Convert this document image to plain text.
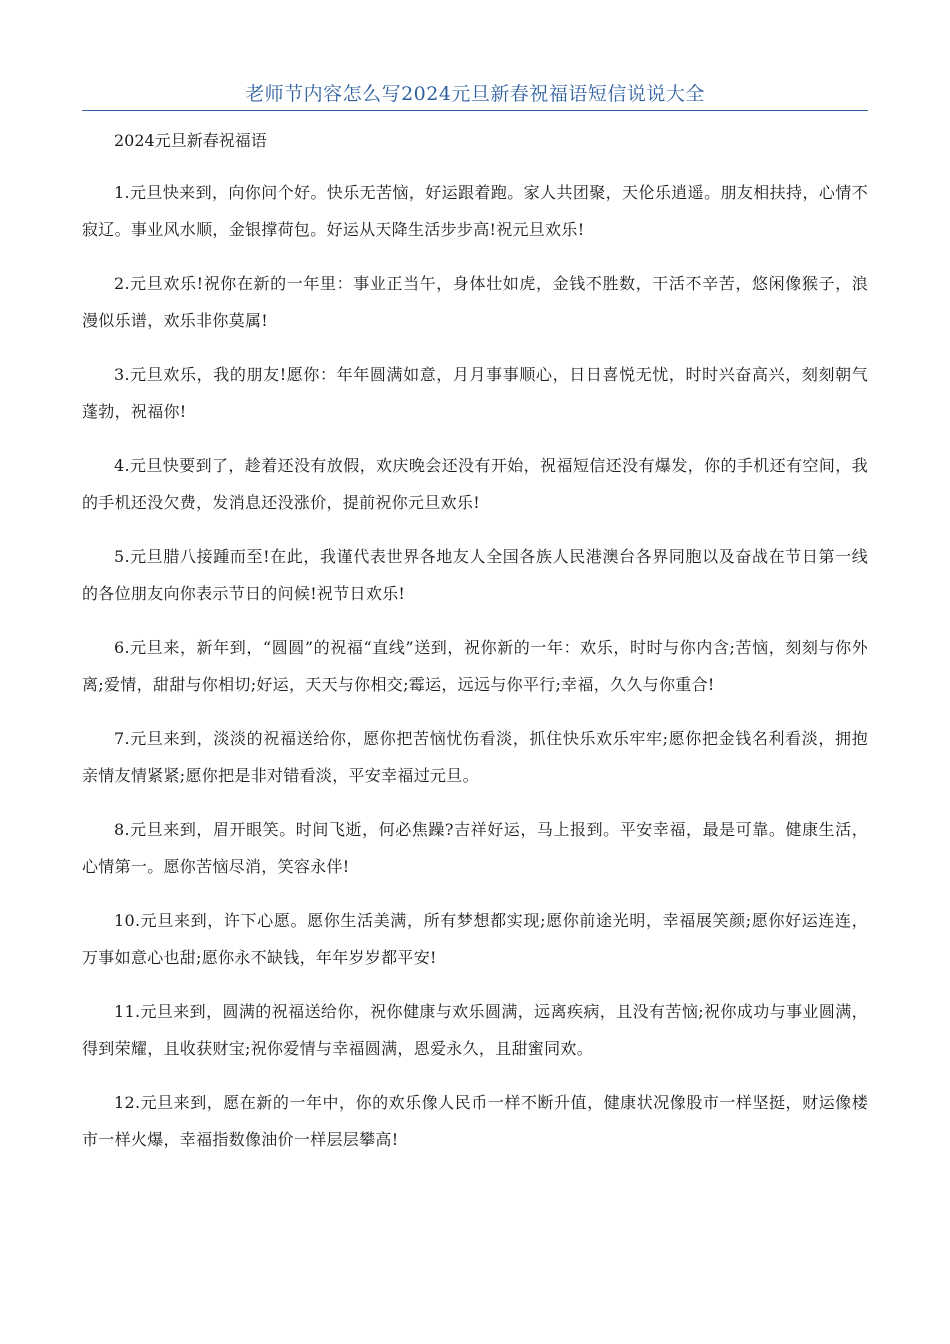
老师节内容怎么写2024元旦新春祝福语短信说说大全

2024元旦新春祝福语

1.元旦快来到，向你问个好。快乐无苦恼，好运跟着跑。家人共团聚，天伦乐逍遥。朋友相扶持，心情不寂辽。事业风水顺，金银撑荷包。好运从天降生活步步高!祝元旦欢乐!

2.元旦欢乐!祝你在新的一年里：事业正当午，身体壮如虎，金钱不胜数，干活不辛苦，悠闲像猴子，浪漫似乐谱，欢乐非你莫属!

3.元旦欢乐，我的朋友!愿你：年年圆满如意，月月事事顺心，日日喜悦无忧，时时兴奋高兴，刻刻朝气蓬勃，祝福你!

4.元旦快要到了，趁着还没有放假，欢庆晚会还没有开始，祝福短信还没有爆发，你的手机还有空间，我的手机还没欠费，发消息还没涨价，提前祝你元旦欢乐!

5.元旦腊八接踵而至!在此，我谨代表世界各地友人全国各族人民港澳台各界同胞以及奋战在节日第一线的各位朋友向你表示节日的问候!祝节日欢乐!

6.元旦来，新年到，“圆圆”的祝福“直线”送到，祝你新的一年：欢乐，时时与你内含;苦恼，刻刻与你外离;爱情，甜甜与你相切;好运，天天与你相交;霉运，远远与你平行;幸福，久久与你重合!

7.元旦来到，淡淡的祝福送给你，愿你把苦恼忧伤看淡，抓住快乐欢乐牢牢;愿你把金钱名利看淡，拥抱亲情友情紧紧;愿你把是非对错看淡，平安幸福过元旦。

8.元旦来到，眉开眼笑。时间飞逝，何必焦躁?吉祥好运，马上报到。平安幸福，最是可靠。健康生活，心情第一。愿你苦恼尽消，笑容永伴!

10.元旦来到，许下心愿。愿你生活美满，所有梦想都实现;愿你前途光明，幸福展笑颜;愿你好运连连，万事如意心也甜;愿你永不缺钱，年年岁岁都平安!

11.元旦来到，圆满的祝福送给你，祝你健康与欢乐圆满，远离疾病，且没有苦恼;祝你成功与事业圆满，得到荣耀，且收获财宝;祝你爱情与幸福圆满，恩爱永久，且甜蜜同欢。

12.元旦来到，愿在新的一年中，你的欢乐像人民币一样不断升值，健康状况像股市一样坚挺，财运像楼市一样火爆，幸福指数像油价一样层层攀高!
